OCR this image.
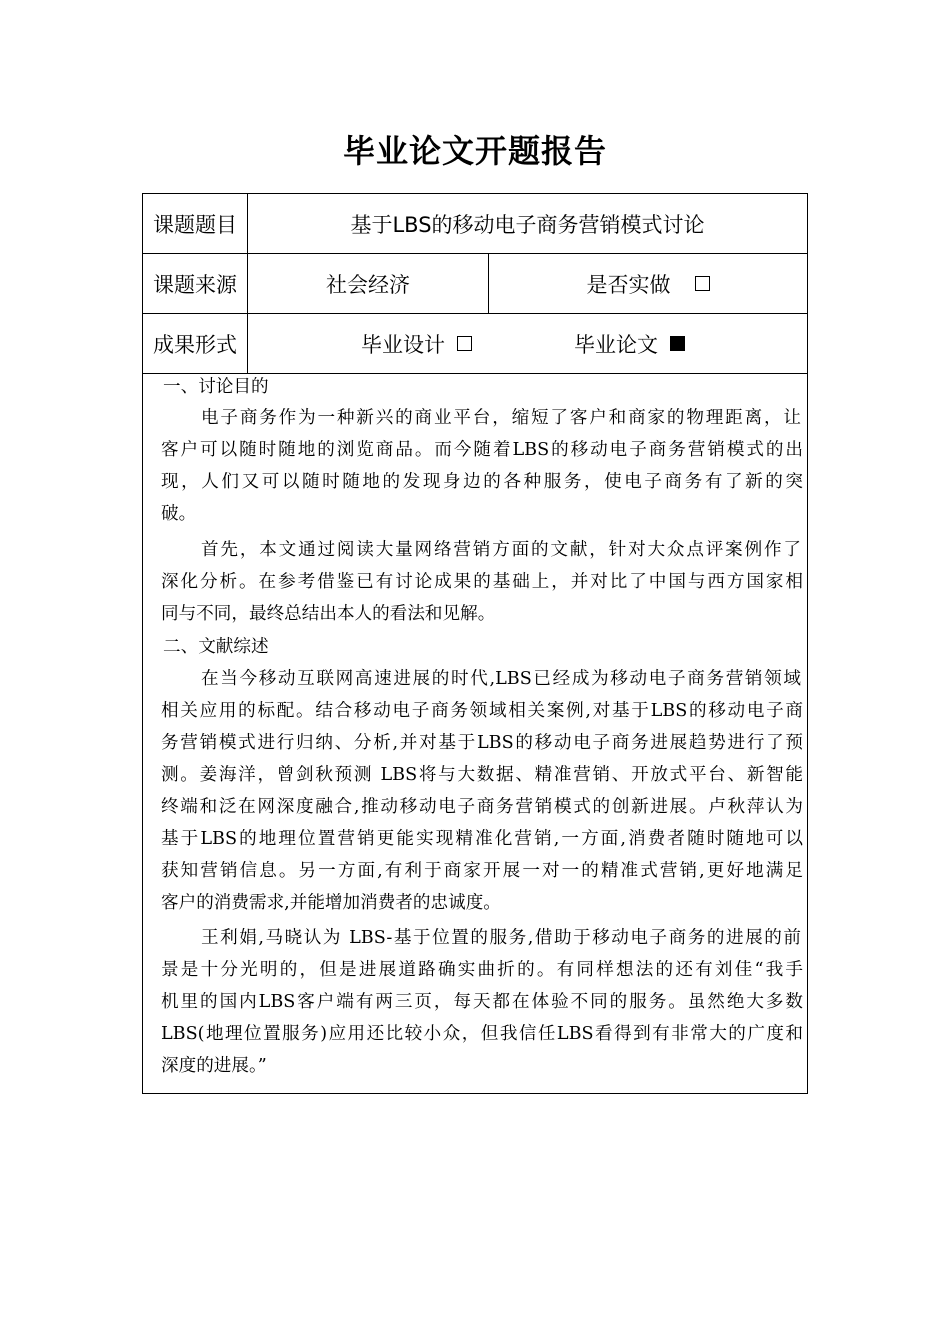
毕业论文开题报告
课题题目	基于LBS的移动电子商务营销模式讨论
课题来源	社会经济	是否实做
成果形式	毕业设计	毕业论文
一、讨论目的
电子商务作为一种新兴的商业平台，缩短了客户和商家的物理距离，让
客户可以随时随地的浏览商品。而今随着LBS的移动电子商务营销模式的出
现，人们又可以随时随地的发现身边的各种服务，使电子商务有了新的突
破。
首先，本文通过阅读大量网络营销方面的文献，针对大众点评案例作了
深化分析。在参考借鉴已有讨论成果的基础上，并对比了中国与西方国家相
同与不同，最终总结出本人的看法和见解。
二、文献综述
在当今移动互联网高速进展的时代,LBS已经成为移动电子商务营销领域
相关应用的标配。结合移动电子商务领域相关案例,对基于LBS的移动电子商
务营销模式进行归纳、分析,并对基于LBS的移动电子商务进展趋势进行了预
测。姜海洋，曾剑秋预测 LBS将与大数据、精准营销、开放式平台、新智能
终端和泛在网深度融合,推动移动电子商务营销模式的创新进展。卢秋萍认为
基于LBS的地理位置营销更能实现精准化营销,一方面,消费者随时随地可以
获知营销信息。另一方面,有利于商家开展一对一的精准式营销,更好地满足
客户的消费需求,并能增加消费者的忠诚度。
王利娟,马晓认为 LBS-基于位置的服务,借助于移动电子商务的进展的前
景是十分光明的，但是进展道路确实曲折的。有同样想法的还有刘佳“我手
机里的国内LBS客户端有两三页，每天都在体验不同的服务。虽然绝大多数
LBS(地理位置服务)应用还比较小众，但我信任LBS看得到有非常大的广度和
深度的进展。”
